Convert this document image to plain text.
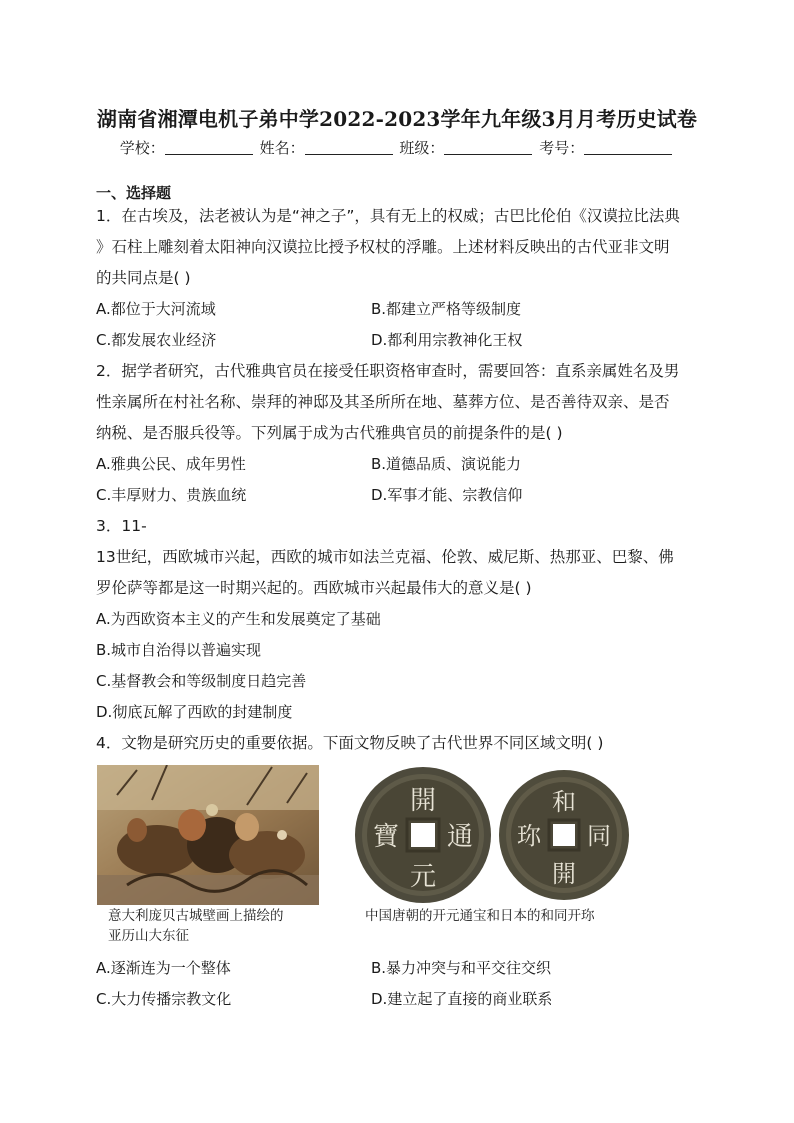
湖南省湘潭电机子弟中学2022-2023学年九年级3月月考历史试卷
学校：	姓名：	班级：	考号：
一、选择题
1．在古埃及，法老被认为是“神之子”，具有无上的权威；古巴比伦伯《汉谟拉比法典
》石柱上雕刻着太阳神向汉谟拉比授予权杖的浮雕。上述材料反映出的古代亚非文明
的共同点是( )
A.都位于大河流域	B.都建立严格等级制度
C.都发展农业经济	D.都利用宗教神化王权
2．据学者研究，古代雅典官员在接受任职资格审查时，需要回答：直系亲属姓名及男
性亲属所在村社名称、崇拜的神邸及其圣所所在地、墓葬方位、是否善待双亲、是否
纳税、是否服兵役等。下列属于成为古代雅典官员的前提条件的是( )
A.雅典公民、成年男性	B.道德品质、演说能力
C.丰厚财力、贵族血统	D.军事才能、宗教信仰
3．11-
13世纪，西欧城市兴起，西欧的城市如法兰克福、伦敦、威尼斯、热那亚、巴黎、佛
罗伦萨等都是这一时期兴起的。西欧城市兴起最伟大的意义是( )
A.为西欧资本主义的产生和发展奠定了基础
B.城市自治得以普遍实现
C.基督教会和等级制度日趋完善
D.彻底瓦解了西欧的封建制度
4．文物是研究历史的重要依据。下面文物反映了古代世界不同区域文明( )
開
通
元
寶
和
同
開
珎
意大利庞贝古城壁画上描绘的
亚历山大东征
中国唐朝的开元通宝和日本的和同开珎
A.逐渐连为一个整体	B.暴力冲突与和平交往交织
C.大力传播宗教文化	D.建立起了直接的商业联系
